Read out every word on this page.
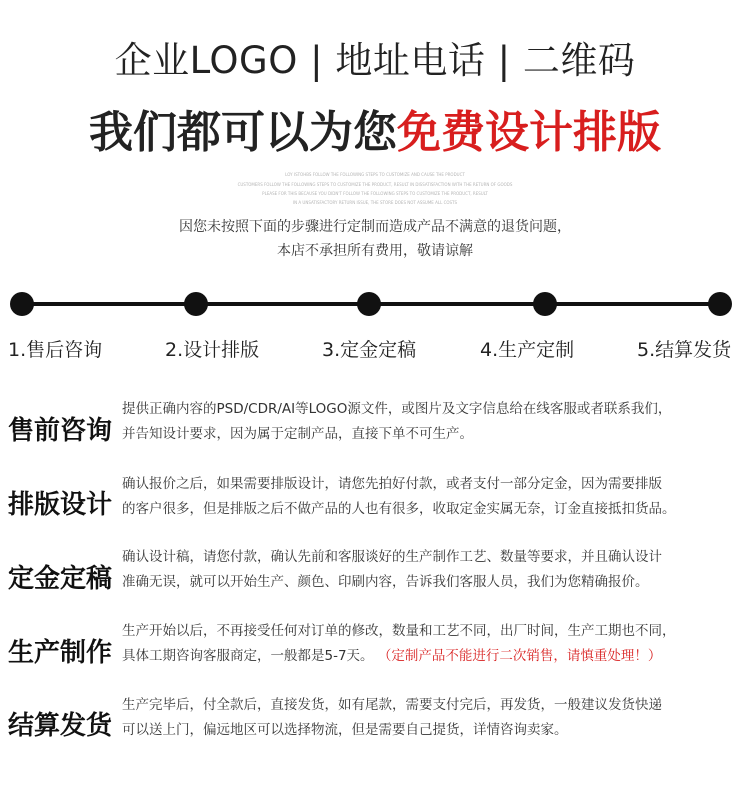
企业LOGO | 地址电话 | 二维码
我们都可以为您免费设计排版
LOY ISTOHBS FOLLOW THE FOLLOWING STEPS TO CUSTOMIZE AND CAUSE THE PRODUCT
CUSTOMERS FOLLOW THE FOLLOWING STEPS TO CUSTOMIZE THE PRODUCT, RESULT IN DISSATISFACTION WITH THE RETURN OF GOODS
PLEASE FOR THIS BECAUSE YOU DIDN'T FOLLOW THE FOLLOWING STEPS TO CUSTOMIZE THE PRODUCT, RESULT
IN A UNSATISFACTORY RETURN ISSUE, THE STORE DOES NOT ASSUME ALL COSTS
因您未按照下面的步骤进行定制而造成产品不满意的退货问题，
本店不承担所有费用，敬请谅解
1.售后咨询	2.设计排版	3.定金定稿	4.生产定制	5.结算发货
售前咨询
提供正确内容的PSD/CDR/AI等LOGO源文件，或图片及文字信息给在线客服或者联系我们，
并告知设计要求，因为属于定制产品，直接下单不可生产。
排版设计
确认报价之后，如果需要排版设计，请您先拍好付款，或者支付一部分定金，因为需要排版
的客户很多，但是排版之后不做产品的人也有很多，收取定金实属无奈，订金直接抵扣货品。
定金定稿
确认设计稿，请您付款，确认先前和客服谈好的生产制作工艺、数量等要求，并且确认设计
准确无误，就可以开始生产、颜色、印刷内容，告诉我们客服人员，我们为您精确报价。
生产制作
生产开始以后，不再接受任何对订单的修改，数量和工艺不同，出厂时间，生产工期也不同，
具体工期咨询客服商定，一般都是5-7天。 （定制产品不能进行二次销售，请慎重处理！）
结算发货
生产完毕后，付全款后，直接发货，如有尾款，需要支付完后，再发货，一般建议发货快递
可以送上门，偏远地区可以选择物流，但是需要自己提货，详情咨询卖家。
